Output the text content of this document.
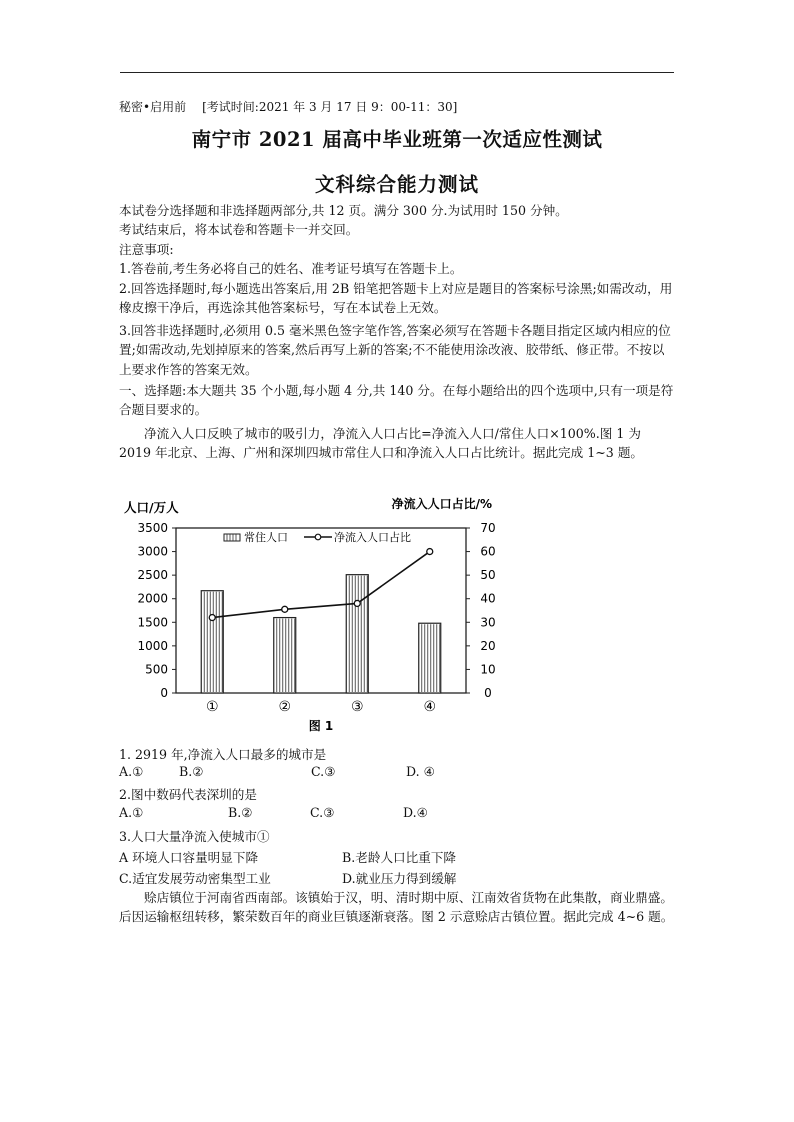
秘密•启用前 [考试时间:2021 年 3 月 17 日 9：00-11：30]
南宁市 2021 届高中毕业班第一次适应性测试
文科综合能力测试
本试卷分选择题和非选择题两部分,共 12 页。满分 300 分.为试用时 150 分钟。
考试结束后，将本试卷和答题卡一并交回。
注意事项:
1.答卷前,考生务必将自己的姓名、准考证号填写在答题卡上。
2.回答选择题时,每小题选出答案后,用 2B 铅笔把答题卡上对应是题目的答案标号涂黑;如需改动，用橡皮擦干净后，再选涂其他答案标号，写在本试卷上无效。
3.回答非选择题时,必须用 0.5 毫米黑色签字笔作答,答案必须写在答题卡各题目指定区域内相应的位置;如需改动,先划掉原来的答案,然后再写上新的答案;不不能使用涂改液、胶带纸、修正带。不按以上要求作答的答案无效。
一、选择题:本大题共 35 个小题,每小题 4 分,共 140 分。在每小题给出的四个选项中,只有一项是符合题目要求的。
净流入人口反映了城市的吸引力，净流入人口占比=净流入人口/常住人口×100%.图 1 为 2019 年北京、上海、广州和深圳四城市常住人口和净流入人口占比统计。据此完成 1~3 题。
人口/万人	净流入人口占比/%
0
500
1000
1500
2000
2500
3000
3500
0
10
20
30
40
50
60
70
①	②	③	④
常住人口	净流入人口占比
图 1
1. 2919 年,净流入人口最多的城市是
A.①	B.②	C.③	D. ④
2.图中数码代表深圳的是
A.①	B.②	C.③	D.④
3.人口大量净流入使城市①
A 环境人口容量明显下降	B.老龄人口比重下降
C.适宜发展劳动密集型工业	D.就业压力得到缓解
赊店镇位于河南省西南部。该镇始于汉，明、清时期中原、江南效省货物在此集散，商业鼎盛。后因运输枢纽转移，繁荣数百年的商业巨镇逐渐衰落。图 2 示意赊店古镇位置。据此完成 4~6 题。
